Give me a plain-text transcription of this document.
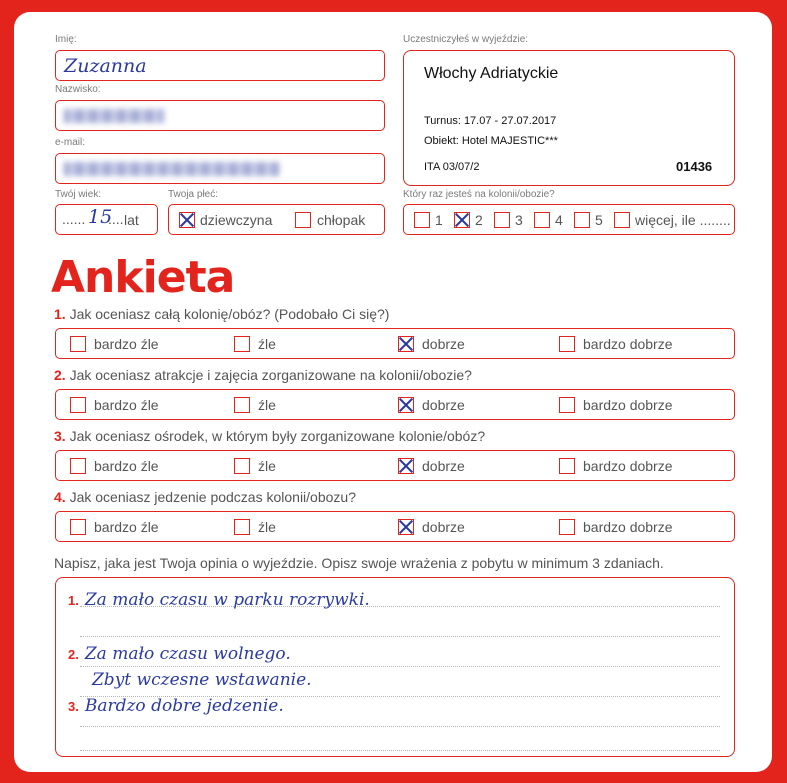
Imię:
Zuzanna
Nazwisko:
e-mail:
Twój wiek:
...... 15
.... lat
Twoja płeć:
dziewczyna	chłopak
Uczestniczyłeś w wyjeździe:
Włochy Adriatyckie
Turnus: 17.07 - 27.07.2017
Obiekt: Hotel MAJESTIC***
ITA 03/07/2	01436
Który raz jesteś na kolonii/obozie?
1 2 3 4 5 więcej, ile ........
Ankieta
1. Jak oceniasz całą kolonię/obóz? (Podobało Ci się?)
bardzo źle	źle	dobrze	bardzo dobrze
2. Jak oceniasz atrakcje i zajęcia zorganizowane na kolonii/obozie?
bardzo źle	źle	dobrze	bardzo dobrze
3. Jak oceniasz ośrodek, w którym były zorganizowane kolonie/obóz?
bardzo źle	źle	dobrze	bardzo dobrze
4. Jak oceniasz jedzenie podczas kolonii/obozu?
bardzo źle	źle	dobrze	bardzo dobrze
Napisz, jaka jest Twoja opinia o wyjeździe. Opisz swoje wrażenia z pobytu w minimum 3 zdaniach.
1. Za mało czasu w parku rozrywki.
2. Za mało czasu wolnego.
Zbyt wczesne wstawanie.
3. Bardzo dobre jedzenie.
